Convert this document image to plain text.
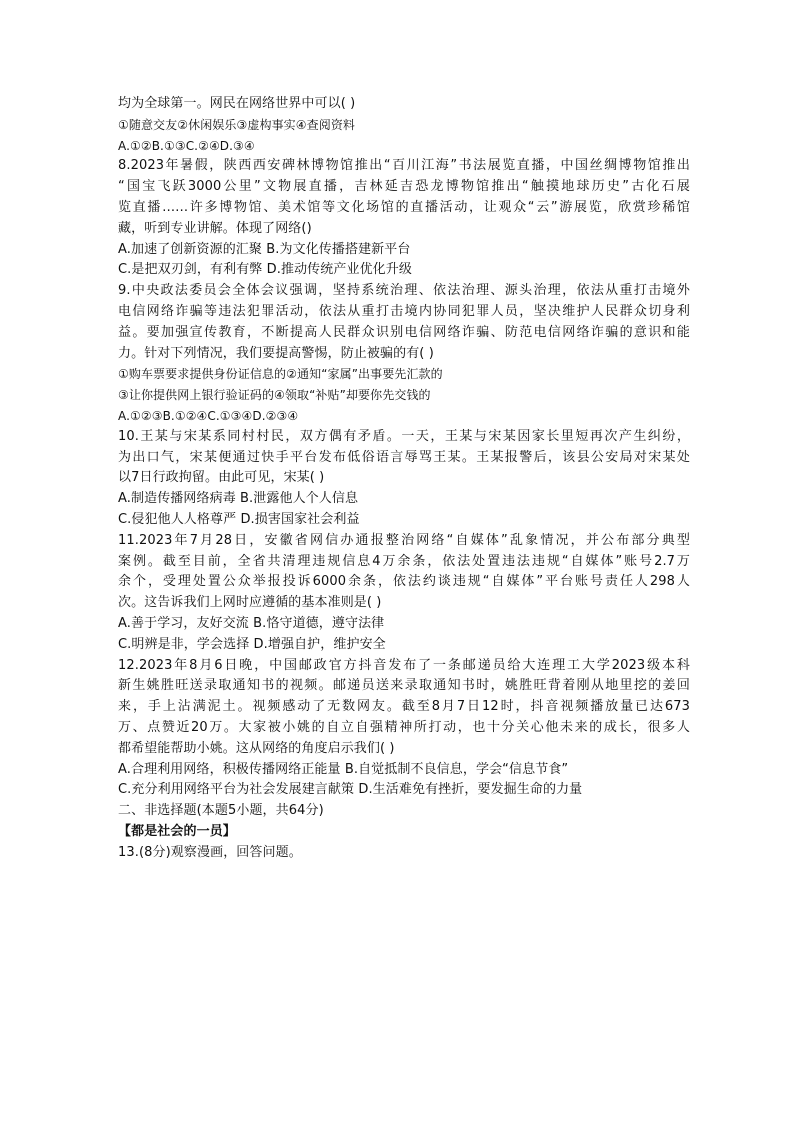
均为全球第一。网民在网络世界中可以( )
①随意交友②休闲娱乐③虚构事实④查阅资料
A.①②B.①③C.②④D.③④
8.2023年暑假，陕西西安碑林博物馆推出“百川江海”书法展览直播，中国丝绸博物馆推出
“国宝飞跃3000公里”文物展直播，吉林延吉恐龙博物馆推出“触摸地球历史”古化石展
览直播……许多博物馆、美术馆等文化场馆的直播活动，让观众“云”游展览，欣赏珍稀馆
藏，听到专业讲解。体现了网络()
A.加速了创新资源的汇聚 B.为文化传播搭建新平台
C.是把双刃剑，有利有弊 D.推动传统产业优化升级
9.中央政法委员会全体会议强调，坚持系统治理、依法治理、源头治理，依法从重打击境外
电信网络诈骗等违法犯罪活动，依法从重打击境内协同犯罪人员，坚决维护人民群众切身利
益。要加强宣传教育，不断提高人民群众识别电信网络诈骗、防范电信网络诈骗的意识和能
力。针对下列情况，我们要提高警惕，防止被骗的有( )
①购车票要求提供身份证信息的②通知“家属”出事要先汇款的
③让你提供网上银行验证码的④领取“补贴”却要你先交钱的
A.①②③B.①②④C.①③④D.②③④
10.王某与宋某系同村村民，双方偶有矛盾。一天，王某与宋某因家长里短再次产生纠纷，
为出口气，宋某便通过快手平台发布低俗语言辱骂王某。王某报警后，该县公安局对宋某处
以7日行政拘留。由此可见，宋某( )
A.制造传播网络病毒 B.泄露他人个人信息
C.侵犯他人人格尊严 D.损害国家社会利益
11.2023年7月28日，安徽省网信办通报整治网络“自媒体”乱象情况，并公布部分典型
案例。截至目前，全省共清理违规信息4万余条，依法处置违法违规“自媒体”账号2.7万
余个，受理处置公众举报投诉6000余条，依法约谈违规“自媒体”平台账号责任人298人
次。这告诉我们上网时应遵循的基本准则是( )
A.善于学习，友好交流 B.恪守道德，遵守法律
C.明辨是非，学会选择 D.增强自护，维护安全
12.2023年8月6日晚，中国邮政官方抖音发布了一条邮递员给大连理工大学2023级本科
新生姚胜旺送录取通知书的视频。邮递员送来录取通知书时，姚胜旺背着刚从地里挖的姜回
来，手上沾满泥土。视频感动了无数网友。截至8月7日12时，抖音视频播放量已达673
万、点赞近20万。大家被小姚的自立自强精神所打动，也十分关心他未来的成长，很多人
都希望能帮助小姚。这从网络的角度启示我们( )
A.合理利用网络，积极传播网络正能量 B.自觉抵制不良信息，学会“信息节食”
C.充分利用网络平台为社会发展建言献策 D.生活难免有挫折，要发掘生命的力量
二、非选择题(本题5小题，共64分)
【都是社会的一员】
13.(8分)观察漫画，回答问题。
